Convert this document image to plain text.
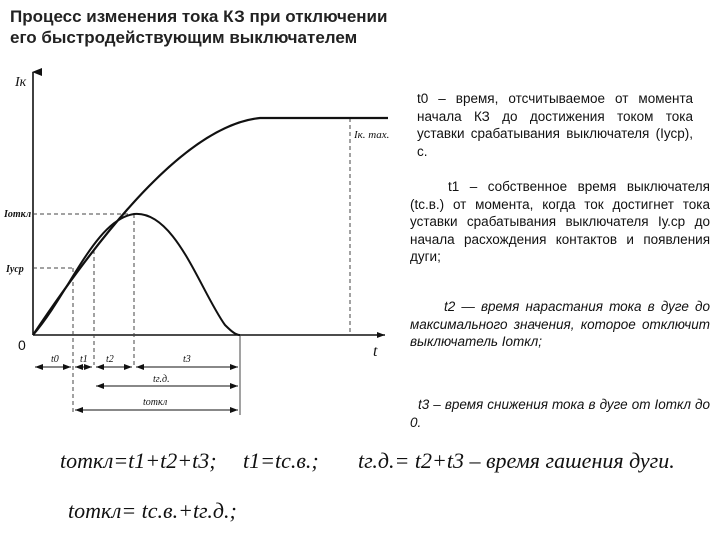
Процесс изменения тока КЗ при отключении
его быстродействующим выключателем
Iк
Iк. max.
Iоткл
Iуср
0	t
t0 t1 t2	t3
tг.д.
tоткл
t0 – время, отсчитываемое от момента начала КЗ до достижения током тока уставки срабатывания выключателя (Iуср), с.
t1 – собственное время выключателя (tс.в.) от момента, когда ток достигнет тока уставки срабатывания выключателя Iу.ср до начала расхождения контактов и появления дуги;
t2 — время нарастания тока в дуге до максимального значения, которое отключит выключатель Iоткл;
t3 – время снижения тока в дуге от Iоткл до 0.
tоткл=t1+t2+t3; t1=tс.в.; tг.д.= t2+t3 – время гашения дуги.
tоткл= tс.в.+tг.д.;
